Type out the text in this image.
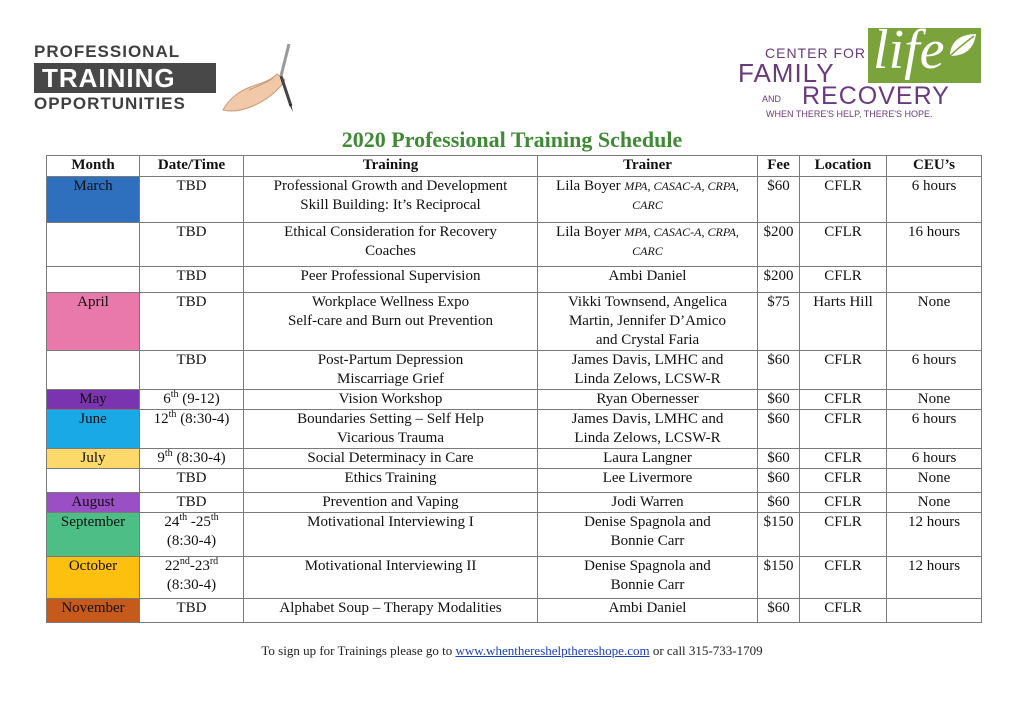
PROFESSIONAL
TRAINING
OPPORTUNITIES
life
CENTER FOR
FAMILY
AND RECOVERY
WHEN THERE'S HELP, THERE'S HOPE.
2020 Professional Training Schedule
Month	Date/Time	Training	Trainer	Fee	Location	CEU’s
March	TBD	Professional Growth and Development
Skill Building: It’s Reciprocal	Lila Boyer MPA, CASAC-A, CRPA, CARC	$60	CFLR	6 hours
	TBD	Ethical Consideration for Recovery
Coaches	Lila Boyer MPA, CASAC-A, CRPA, CARC	$200	CFLR	16 hours
	TBD	Peer Professional Supervision	Ambi Daniel	$200	CFLR	
April	TBD	Workplace Wellness Expo
Self-care and Burn out Prevention	Vikki Townsend, Angelica
Martin, Jennifer D’Amico
and Crystal Faria	$75	Harts Hill	None
	TBD	Post-Partum Depression
Miscarriage Grief	James Davis, LMHC and
Linda Zelows, LCSW-R	$60	CFLR	6 hours
May	6th (9-12)	Vision Workshop	Ryan Obernesser	$60	CFLR	None
June	12th (8:30-4)	Boundaries Setting – Self Help
Vicarious Trauma	James Davis, LMHC and
Linda Zelows, LCSW-R	$60	CFLR	6 hours
July	9th (8:30-4)	Social Determinacy in Care	Laura Langner	$60	CFLR	6 hours
	TBD	Ethics Training	Lee Livermore	$60	CFLR	None
August	TBD	Prevention and Vaping	Jodi Warren	$60	CFLR	None
September	24th -25th
(8:30-4)	Motivational Interviewing I	Denise Spagnola and
Bonnie Carr	$150	CFLR	12 hours
October	22nd-23rd
(8:30-4)	Motivational Interviewing II	Denise Spagnola and
Bonnie Carr	$150	CFLR	12 hours
November	TBD	Alphabet Soup – Therapy Modalities	Ambi Daniel	$60	CFLR	
To sign up for Trainings please go to www.whenthereshelpthereshope.com or call 315-733-1709
